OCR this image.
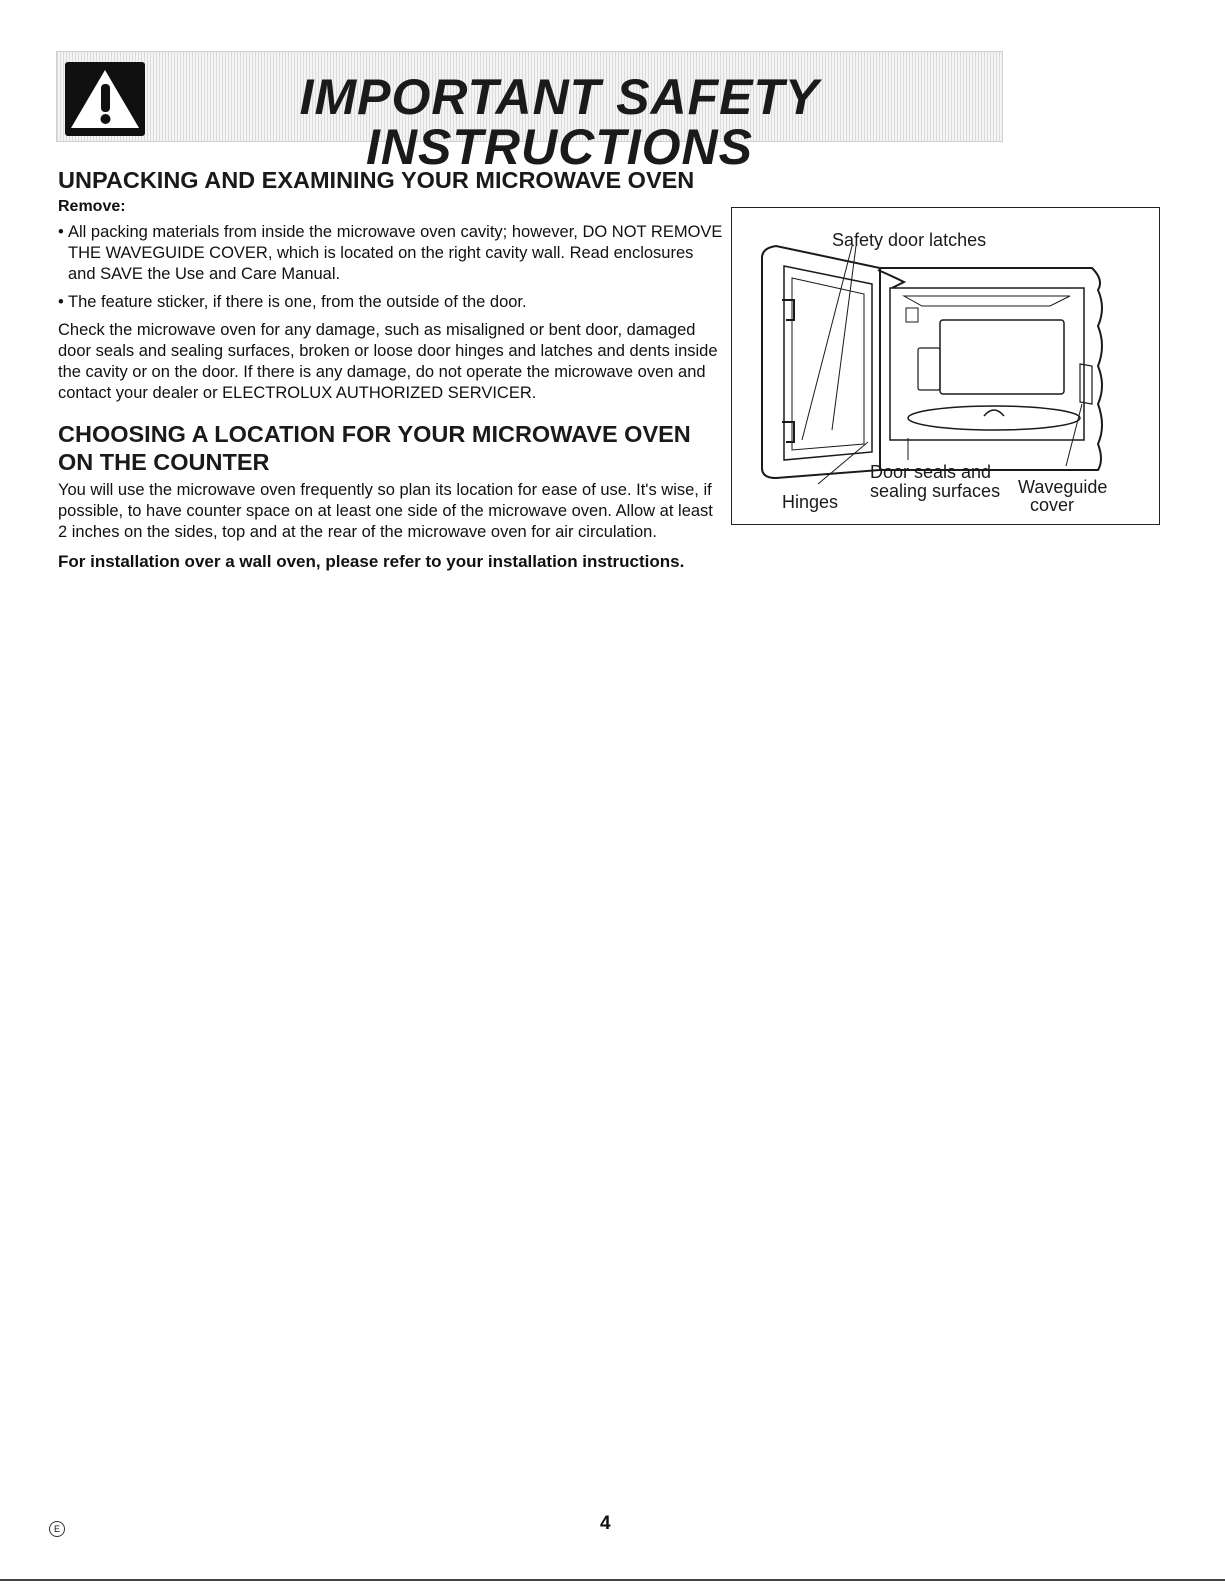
IMPORTANT SAFETY INSTRUCTIONS
UNPACKING AND EXAMINING YOUR MICROWAVE OVEN
Remove:
• All packing materials from inside the microwave oven cavity; however, DO NOT REMOVE THE WAVEGUIDE COVER, which is located on the right cavity wall. Read enclosures and SAVE the Use and Care Manual.
• The feature sticker, if there is one, from the outside of the door.

Check the microwave oven for any damage, such as misaligned or bent door, damaged door seals and sealing surfaces, broken or loose door hinges and latches and dents inside the cavity or on the door. If there is any damage, do not operate the microwave oven and contact your dealer or ELECTROLUX AUTHORIZED SERVICER.

CHOOSING A LOCATION FOR YOUR MICROWAVE OVEN
ON THE COUNTER

You will use the microwave oven frequently so plan its location for ease of use. It's wise, if possible, to have counter space on at least one side of the microwave oven. Allow at least 2 inches on the sides, top and at the rear of the microwave oven for air circulation.

For installation over a wall oven, please refer to your installation instructions.

Safety door latches
Door seals and
sealing surfaces Waveguide
cover
Hinges
E	4
